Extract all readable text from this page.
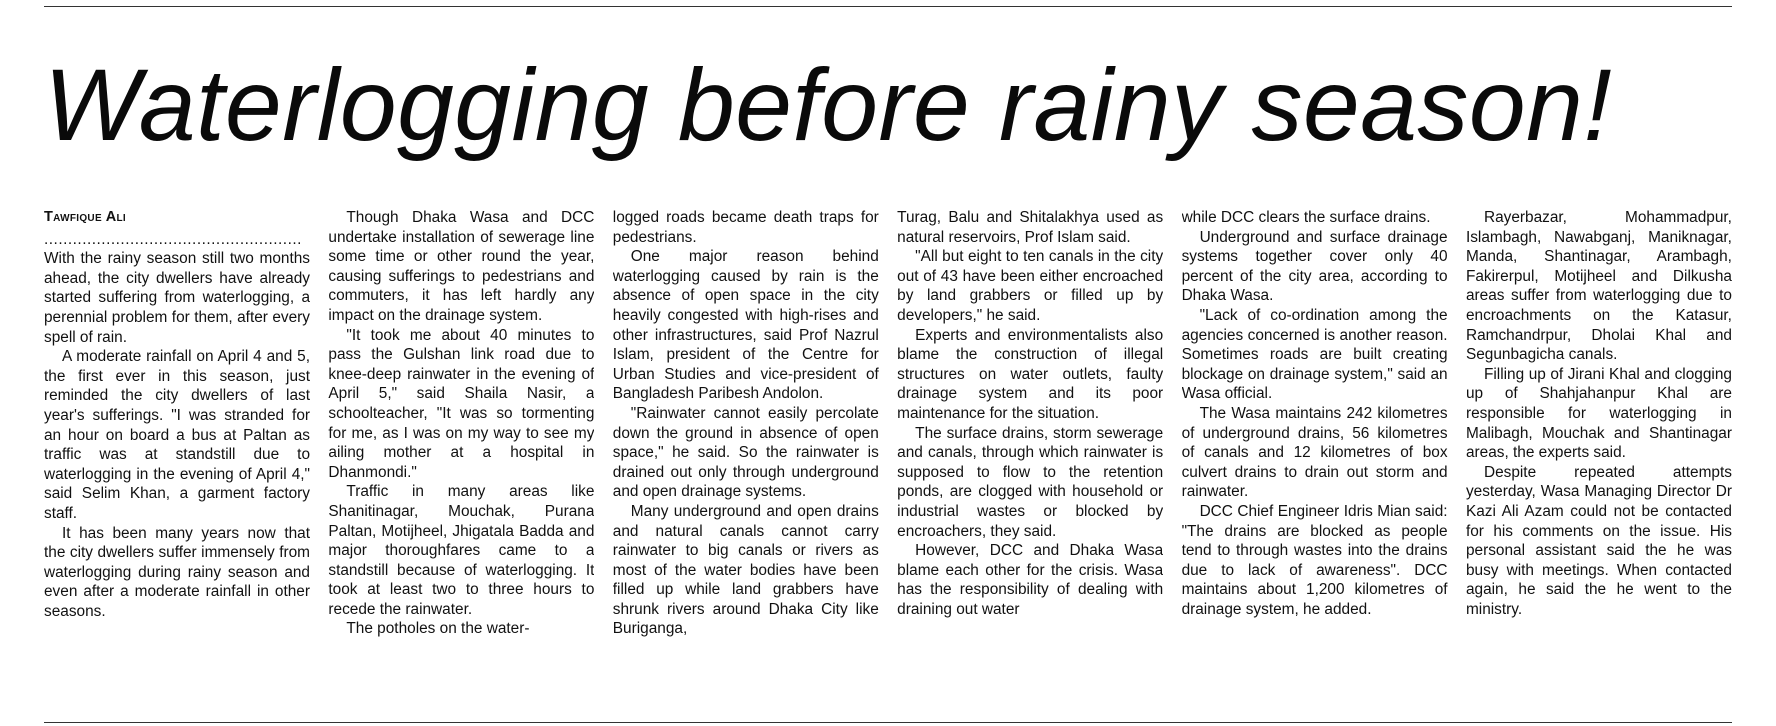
Waterlogging before rainy season!
Tawfique Ali
......................................................

With the rainy season still two months ahead, the city dwellers have already started suffering from waterlogging, a perennial problem for them, after every spell of rain.

A moderate rainfall on April 4 and 5, the first ever in this season, just reminded the city dwellers of last year's sufferings. "I was stranded for an hour on board a bus at Paltan as traffic was at standstill due to waterlogging in the evening of April 4," said Selim Khan, a garment factory staff.

It has been many years now that the city dwellers suffer immensely from waterlogging during rainy season and even after a moderate rainfall in other seasons.

Though Dhaka Wasa and DCC undertake installation of sewerage line some time or other round the year, causing sufferings to pedestrians and commuters, it has left hardly any impact on the drainage system.

"It took me about 40 minutes to pass the Gulshan link road due to knee-deep rainwater in the evening of April 5," said Shaila Nasir, a schoolteacher, "It was so tormenting for me, as I was on my way to see my ailing mother at a hospital in Dhanmondi."

Traffic in many areas like Shanitinagar, Mouchak, Purana Paltan, Motijheel, Jhigatala Badda and major thoroughfares came to a standstill because of waterlogging. It took at least two to three hours to recede the rainwater.

The potholes on the water-

logged roads became death traps for pedestrians.

One major reason behind waterlogging caused by rain is the absence of open space in the city heavily congested with high-rises and other infrastructures, said Prof Nazrul Islam, president of the Centre for Urban Studies and vice-president of Bangladesh Paribesh Andolon.

"Rainwater cannot easily percolate down the ground in absence of open space," he said. So the rainwater is drained out only through underground and open drainage systems.

Many underground and open drains and natural canals cannot carry rainwater to big canals or rivers as most of the water bodies have been filled up while land grabbers have shrunk rivers around Dhaka City like Buriganga,

Turag, Balu and Shitalakhya used as natural reservoirs, Prof Islam said.

"All but eight to ten canals in the city out of 43 have been either encroached by land grabbers or filled up by developers," he said.

Experts and environmentalists also blame the construction of illegal structures on water outlets, faulty drainage system and its poor maintenance for the situation.

The surface drains, storm sewerage and canals, through which rainwater is supposed to flow to the retention ponds, are clogged with household or industrial wastes or blocked by encroachers, they said.

However, DCC and Dhaka Wasa blame each other for the crisis. Wasa has the responsibility of dealing with draining out water

while DCC clears the surface drains.

Underground and surface drainage systems together cover only 40 percent of the city area, according to Dhaka Wasa.

"Lack of co-ordination among the agencies concerned is another reason. Sometimes roads are built creating blockage on drainage system," said an Wasa official.

The Wasa maintains 242 kilometres of underground drains, 56 kilometres of canals and 12 kilometres of box culvert drains to drain out storm and rainwater.

DCC Chief Engineer Idris Mian said: "The drains are blocked as people tend to through wastes into the drains due to lack of awareness". DCC maintains about 1,200 kilometres of drainage system, he added.

Rayerbazar, Mohammadpur, Islambagh, Nawabganj, Maniknagar, Manda, Shantinagar, Arambagh, Fakirerpul, Motijheel and Dilkusha areas suffer from waterlogging due to encroachments on the Katasur, Ramchandrpur, Dholai Khal and Segunbagicha canals.

Filling up of Jirani Khal and clogging up of Shahjahanpur Khal are responsible for waterlogging in Malibagh, Mouchak and Shantinagar areas, the experts said.

Despite repeated attempts yesterday, Wasa Managing Director Dr Kazi Ali Azam could not be contacted for his comments on the issue. His personal assistant said the he was busy with meetings. When contacted again, he said the he went to the ministry.
